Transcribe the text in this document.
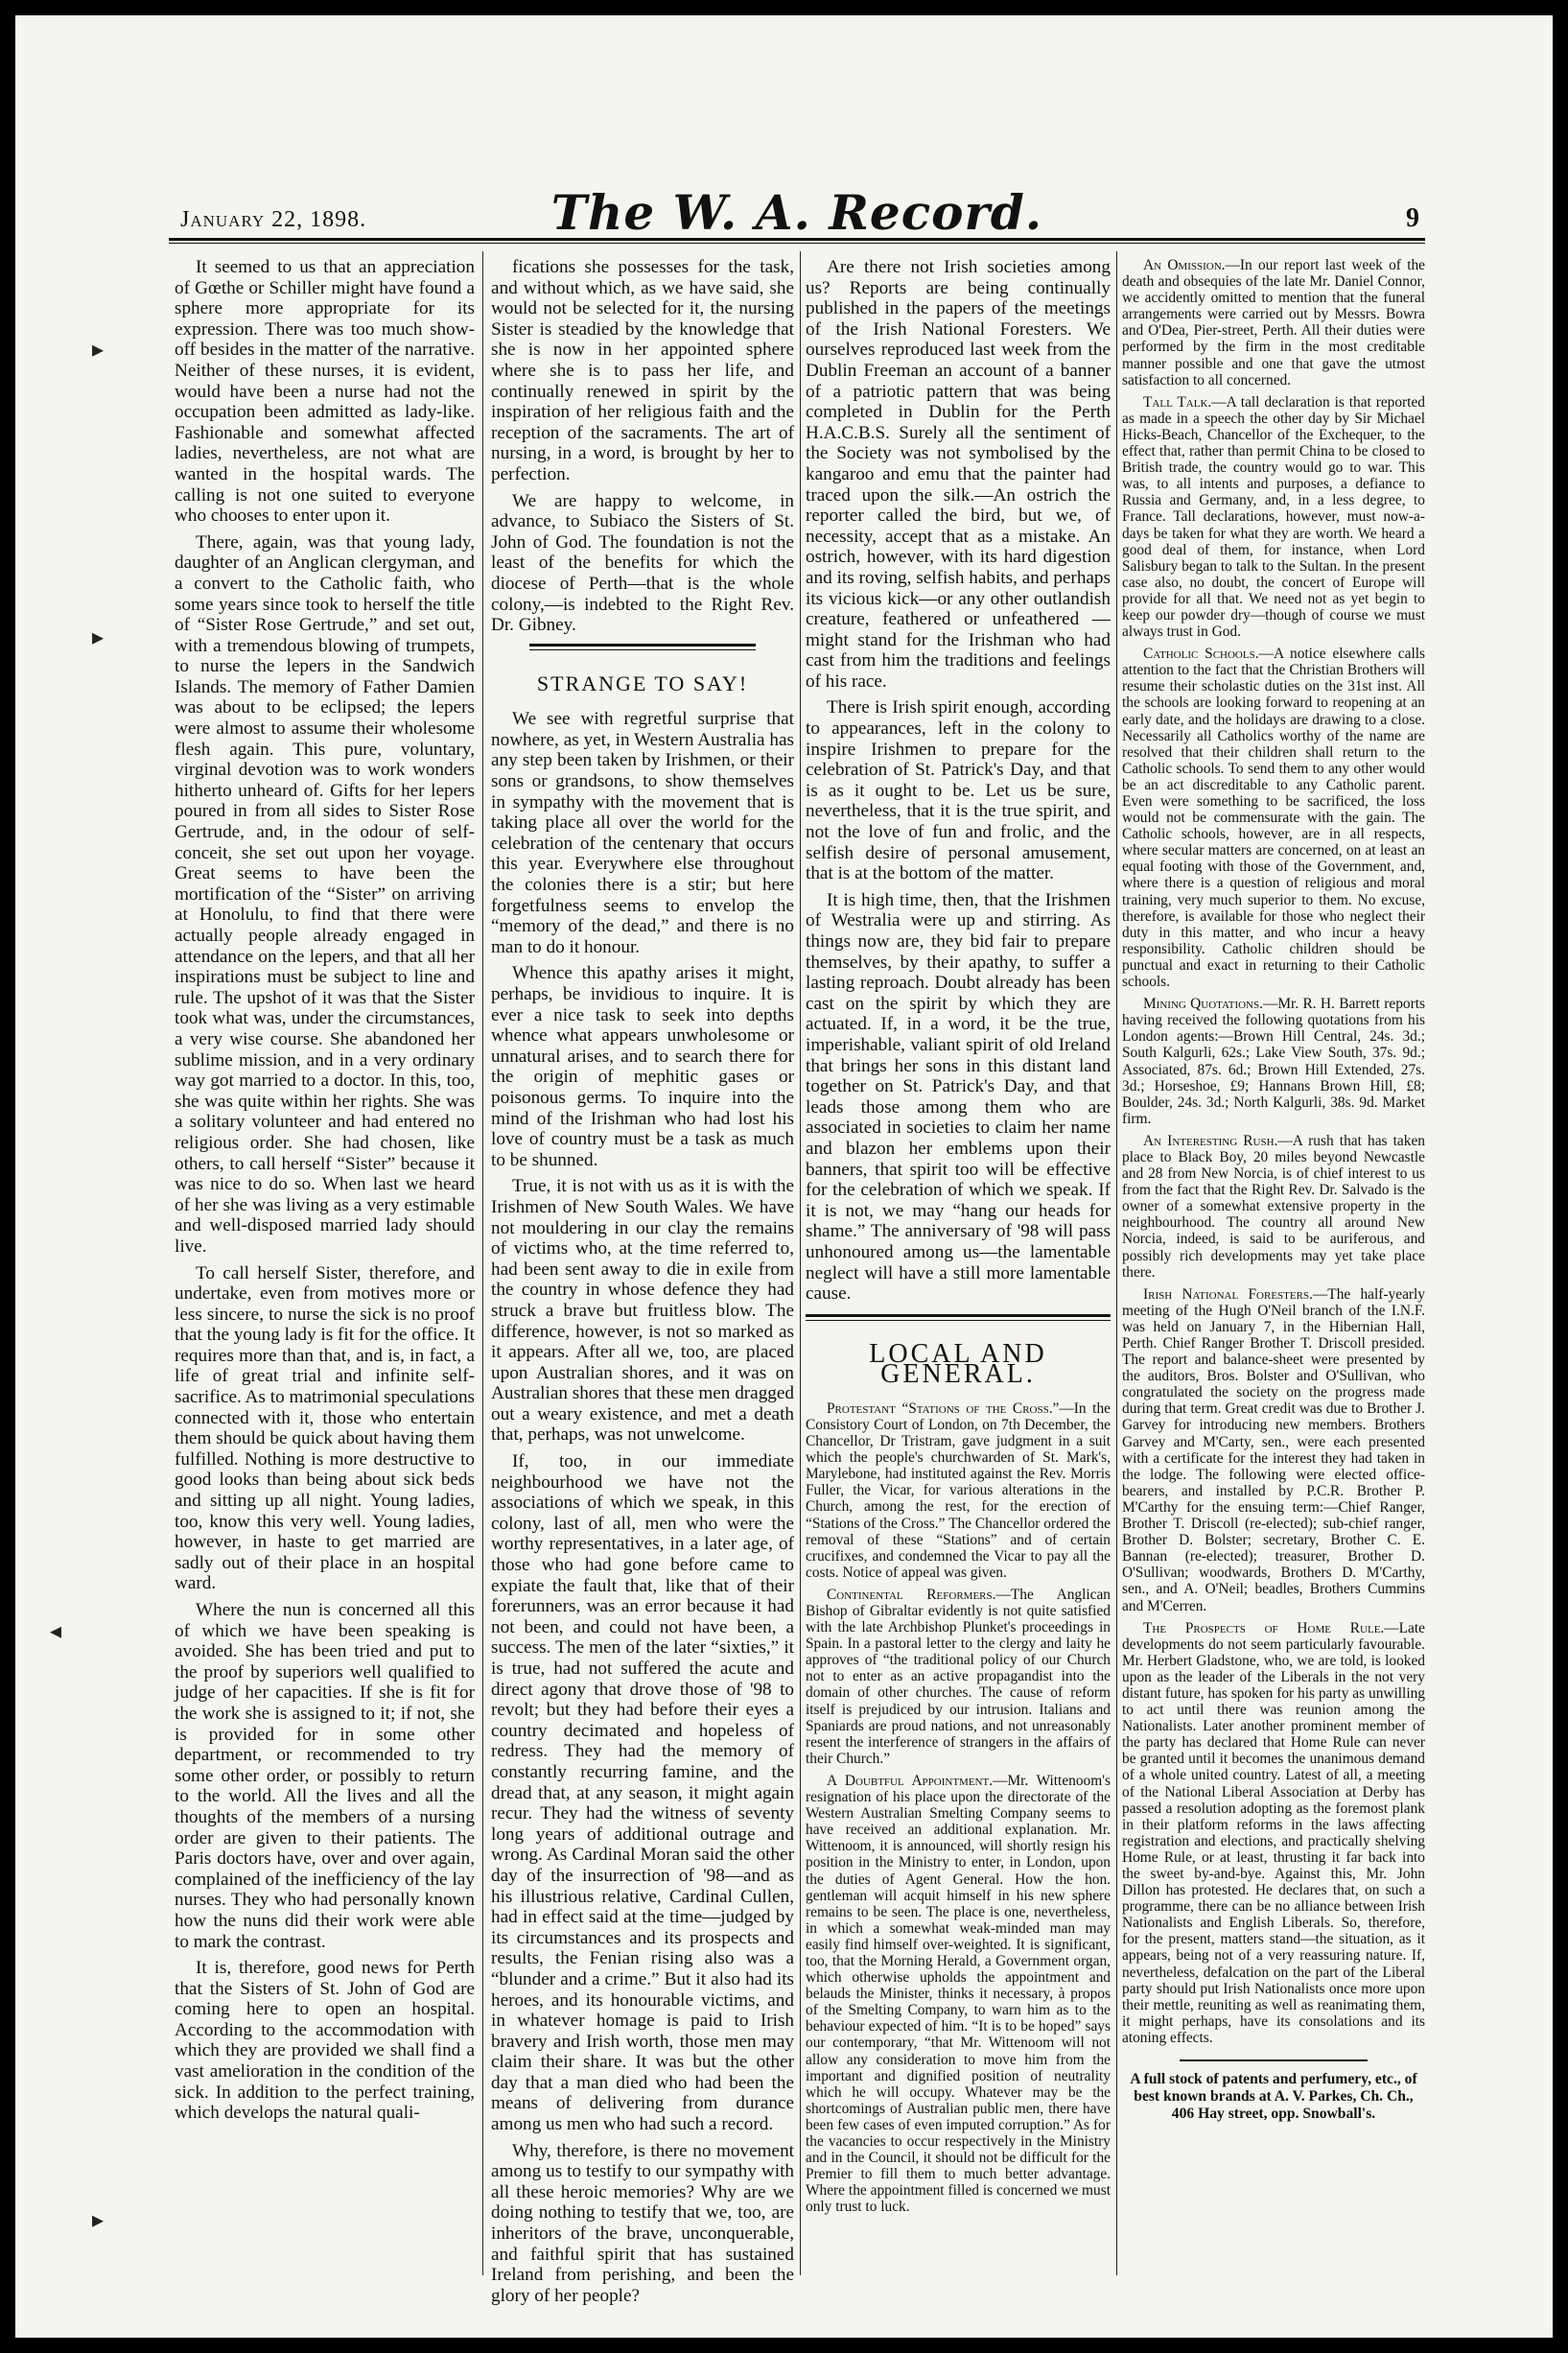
January 22, 1898.	The W. A. Record.	9

It seemed to us that an appreciation of Gœthe or Schiller might have found a sphere more appropriate for its expression. There was too much show-off besides in the matter of the narrative. Neither of these nurses, it is evident, would have been a nurse had not the occupation been admitted as lady-like. Fashionable and somewhat affected ladies, nevertheless, are not what are wanted in the hospital wards. The calling is not one suited to everyone who chooses to enter upon it.

There, again, was that young lady, daughter of an Anglican clergyman, and a convert to the Catholic faith, who some years since took to herself the title of “Sister Rose Gertrude,” and set out, with a tremendous blowing of trumpets, to nurse the lepers in the Sandwich Islands. The memory of Father Damien was about to be eclipsed; the lepers were almost to assume their wholesome flesh again. This pure, voluntary, virginal devotion was to work wonders hitherto unheard of. Gifts for her lepers poured in from all sides to Sister Rose Gertrude, and, in the odour of self-conceit, she set out upon her voyage. Great seems to have been the mortification of the “Sister” on arriving at Honolulu, to find that there were actually people already engaged in attendance on the lepers, and that all her inspirations must be subject to line and rule. The upshot of it was that the Sister took what was, under the circumstances, a very wise course. She abandoned her sublime mission, and in a very ordinary way got married to a doctor. In this, too, she was quite within her rights. She was a solitary volunteer and had entered no religious order. She had chosen, like others, to call herself “Sister” because it was nice to do so. When last we heard of her she was living as a very estimable and well-disposed married lady should live.

To call herself Sister, therefore, and undertake, even from motives more or less sincere, to nurse the sick is no proof that the young lady is fit for the office. It requires more than that, and is, in fact, a life of great trial and infinite self-sacrifice. As to matrimonial speculations connected with it, those who entertain them should be quick about having them fulfilled. Nothing is more destructive to good looks than being about sick beds and sitting up all night. Young ladies, too, know this very well. Young ladies, however, in haste to get married are sadly out of their place in an hospital ward.

Where the nun is concerned all this of which we have been speaking is avoided. She has been tried and put to the proof by superiors well qualified to judge of her capacities. If she is fit for the work she is assigned to it; if not, she is provided for in some other department, or recommended to try some other order, or possibly to return to the world. All the lives and all the thoughts of the members of a nursing order are given to their patients. The Paris doctors have, over and over again, complained of the inefficiency of the lay nurses. They who had personally known how the nuns did their work were able to mark the contrast.

It is, therefore, good news for Perth that the Sisters of St. John of God are coming here to open an hospital. According to the accommodation with which they are provided we shall find a vast amelioration in the condition of the sick. In addition to the perfect training, which develops the natural quali-

fications she possesses for the task, and without which, as we have said, she would not be selected for it, the nursing Sister is steadied by the knowledge that she is now in her appointed sphere where she is to pass her life, and continually renewed in spirit by the inspiration of her religious faith and the reception of the sacraments. The art of nursing, in a word, is brought by her to perfection.

We are happy to welcome, in advance, to Subiaco the Sisters of St. John of God. The foundation is not the least of the benefits for which the diocese of Perth—that is the whole colony,—is indebted to the Right Rev. Dr. Gibney.

STRANGE TO SAY!

We see with regretful surprise that nowhere, as yet, in Western Australia has any step been taken by Irishmen, or their sons or grandsons, to show themselves in sympathy with the movement that is taking place all over the world for the celebration of the centenary that occurs this year. Everywhere else throughout the colonies there is a stir; but here forgetfulness seems to envelop the “memory of the dead,” and there is no man to do it honour.

Whence this apathy arises it might, perhaps, be invidious to inquire. It is ever a nice task to seek into depths whence what appears unwholesome or unnatural arises, and to search there for the origin of mephitic gases or poisonous germs. To inquire into the mind of the Irishman who had lost his love of country must be a task as much to be shunned.

True, it is not with us as it is with the Irishmen of New South Wales. We have not mouldering in our clay the remains of victims who, at the time referred to, had been sent away to die in exile from the country in whose defence they had struck a brave but fruitless blow. The difference, however, is not so marked as it appears. After all we, too, are placed upon Australian shores, and it was on Australian shores that these men dragged out a weary existence, and met a death that, perhaps, was not unwelcome.

If, too, in our immediate neighbourhood we have not the associations of which we speak, in this colony, last of all, men who were the worthy representatives, in a later age, of those who had gone before came to expiate the fault that, like that of their forerunners, was an error because it had not been, and could not have been, a success. The men of the later “sixties,” it is true, had not suffered the acute and direct agony that drove those of '98 to revolt; but they had before their eyes a country decimated and hopeless of redress. They had the memory of constantly recurring famine, and the dread that, at any season, it might again recur. They had the witness of seventy long years of additional outrage and wrong. As Cardinal Moran said the other day of the insurrection of '98—and as his illustrious relative, Cardinal Cullen, had in effect said at the time—judged by its circumstances and its prospects and results, the Fenian rising also was a “blunder and a crime.” But it also had its heroes, and its honourable victims, and in whatever homage is paid to Irish bravery and Irish worth, those men may claim their share. It was but the other day that a man died who had been the means of delivering from durance among us men who had such a record.

Why, therefore, is there no movement among us to testify to our sympathy with all these heroic memories? Why are we doing nothing to testify that we, too, are inheritors of the brave, unconquerable, and faithful spirit that has sustained Ireland from perishing, and been the glory of her people?

Are there not Irish societies among us? Reports are being continually published in the papers of the meetings of the Irish National Foresters. We ourselves reproduced last week from the Dublin Freeman an account of a banner of a patriotic pattern that was being completed in Dublin for the Perth H.A.C.B.S. Surely all the sentiment of the Society was not symbolised by the kangaroo and emu that the painter had traced upon the silk.—An ostrich the reporter called the bird, but we, of necessity, accept that as a mistake. An ostrich, however, with its hard digestion and its roving, selfish habits, and perhaps its vicious kick—or any other outlandish creature, feathered or unfeathered — might stand for the Irishman who had cast from him the traditions and feelings of his race.

There is Irish spirit enough, according to appearances, left in the colony to inspire Irishmen to prepare for the celebration of St. Patrick's Day, and that is as it ought to be. Let us be sure, nevertheless, that it is the true spirit, and not the love of fun and frolic, and the selfish desire of personal amusement, that is at the bottom of the matter.

It is high time, then, that the Irishmen of Westralia were up and stirring. As things now are, they bid fair to prepare themselves, by their apathy, to suffer a lasting reproach. Doubt already has been cast on the spirit by which they are actuated. If, in a word, it be the true, imperishable, valiant spirit of old Ireland that brings her sons in this distant land together on St. Patrick's Day, and that leads those among them who are associated in societies to claim her name and blazon her emblems upon their banners, that spirit too will be effective for the celebration of which we speak. If it is not, we may “hang our heads for shame.” The anniversary of '98 will pass unhonoured among us—the lamentable neglect will have a still more lamentable cause.

LOCAL AND GENERAL.

Protestant “Stations of the Cross.”—In the Consistory Court of London, on 7th December, the Chancellor, Dr Tristram, gave judgment in a suit which the people's churchwarden of St. Mark's, Marylebone, had instituted against the Rev. Morris Fuller, the Vicar, for various alterations in the Church, among the rest, for the erection of “Stations of the Cross.” The Chancellor ordered the removal of these “Stations” and of certain crucifixes, and condemned the Vicar to pay all the costs. Notice of appeal was given.

Continental Reformers.—The Anglican Bishop of Gibraltar evidently is not quite satisfied with the late Archbishop Plunket's proceedings in Spain. In a pastoral letter to the clergy and laity he approves of “the traditional policy of our Church not to enter as an active propagandist into the domain of other churches. The cause of reform itself is prejudiced by our intrusion. Italians and Spaniards are proud nations, and not unreasonably resent the interference of strangers in the affairs of their Church.”

A Doubtful Appointment.—Mr. Wittenoom's resignation of his place upon the directorate of the Western Australian Smelting Company seems to have received an additional explanation. Mr. Wittenoom, it is announced, will shortly resign his position in the Ministry to enter, in London, upon the duties of Agent General. How the hon. gentleman will acquit himself in his new sphere remains to be seen. The place is one, nevertheless, in which a somewhat weak-minded man may easily find himself over-weighted. It is significant, too, that the Morning Herald, a Government organ, which otherwise upholds the appointment and belauds the Minister, thinks it necessary, à propos of the Smelting Company, to warn him as to the behaviour expected of him. “It is to be hoped” says our contemporary, “that Mr. Wittenoom will not allow any consideration to move him from the important and dignified position of neutrality which he will occupy. Whatever may be the shortcomings of Australian public men, there have been few cases of even imputed corruption.” As for the vacancies to occur respectively in the Ministry and in the Council, it should not be difficult for the Premier to fill them to much better advantage. Where the appointment filled is concerned we must only trust to luck.

An Omission.—In our report last week of the death and obsequies of the late Mr. Daniel Connor, we accidently omitted to mention that the funeral arrangements were carried out by Messrs. Bowra and O'Dea, Pier-street, Perth. All their duties were performed by the firm in the most creditable manner possible and one that gave the utmost satisfaction to all concerned.

Tall Talk.—A tall declaration is that reported as made in a speech the other day by Sir Michael Hicks-Beach, Chancellor of the Exchequer, to the effect that, rather than permit China to be closed to British trade, the country would go to war. This was, to all intents and purposes, a defiance to Russia and Germany, and, in a less degree, to France. Tall declarations, however, must now-a-days be taken for what they are worth. We heard a good deal of them, for instance, when Lord Salisbury began to talk to the Sultan. In the present case also, no doubt, the concert of Europe will provide for all that. We need not as yet begin to keep our powder dry—though of course we must always trust in God.

Catholic Schools.—A notice elsewhere calls attention to the fact that the Christian Brothers will resume their scholastic duties on the 31st inst. All the schools are looking forward to reopening at an early date, and the holidays are drawing to a close. Necessarily all Catholics worthy of the name are resolved that their children shall return to the Catholic schools. To send them to any other would be an act discreditable to any Catholic parent. Even were something to be sacrificed, the loss would not be commensurate with the gain. The Catholic schools, however, are in all respects, where secular matters are concerned, on at least an equal footing with those of the Government, and, where there is a question of religious and moral training, very much superior to them. No excuse, therefore, is available for those who neglect their duty in this matter, and who incur a heavy responsibility. Catholic children should be punctual and exact in returning to their Catholic schools.

Mining Quotations.—Mr. R. H. Barrett reports having received the following quotations from his London agents:—Brown Hill Central, 24s. 3d.; South Kalgurli, 62s.; Lake View South, 37s. 9d.; Associated, 87s. 6d.; Brown Hill Extended, 27s. 3d.; Horseshoe, £9; Hannans Brown Hill, £8; Boulder, 24s. 3d.; North Kalgurli, 38s. 9d. Market firm.

An Interesting Rush.—A rush that has taken place to Black Boy, 20 miles beyond Newcastle and 28 from New Norcia, is of chief interest to us from the fact that the Right Rev. Dr. Salvado is the owner of a somewhat extensive property in the neighbourhood. The country all around New Norcia, indeed, is said to be auriferous, and possibly rich developments may yet take place there.

Irish National Foresters.—The half-yearly meeting of the Hugh O'Neil branch of the I.N.F. was held on January 7, in the Hibernian Hall, Perth. Chief Ranger Brother T. Driscoll presided. The report and balance-sheet were presented by the auditors, Bros. Bolster and O'Sullivan, who congratulated the society on the progress made during that term. Great credit was due to Brother J. Garvey for introducing new members. Brothers Garvey and M'Carty, sen., were each presented with a certificate for the interest they had taken in the lodge. The following were elected office-bearers, and installed by P.C.R. Brother P. M'Carthy for the ensuing term:—Chief Ranger, Brother T. Driscoll (re-elected); sub-chief ranger, Brother D. Bolster; secretary, Brother C. E. Bannan (re-elected); treasurer, Brother D. O'Sullivan; woodwards, Brothers D. M'Carthy, sen., and A. O'Neil; beadles, Brothers Cummins and M'Cerren.

The Prospects of Home Rule.—Late developments do not seem particularly favourable. Mr. Herbert Gladstone, who, we are told, is looked upon as the leader of the Liberals in the not very distant future, has spoken for his party as unwilling to act until there was reunion among the Nationalists. Later another prominent member of the party has declared that Home Rule can never be granted until it becomes the unanimous demand of a whole united country. Latest of all, a meeting of the National Liberal Association at Derby has passed a resolution adopting as the foremost plank in their platform reforms in the laws affecting registration and elections, and practically shelving Home Rule, or at least, thrusting it far back into the sweet by-and-bye. Against this, Mr. John Dillon has protested. He declares that, on such a programme, there can be no alliance between Irish Nationalists and English Liberals. So, therefore, for the present, matters stand—the situation, as it appears, being not of a very reassuring nature. If, nevertheless, defalcation on the part of the Liberal party should put Irish Nationalists once more upon their mettle, reuniting as well as reanimating them, it might perhaps, have its consolations and its atoning effects.

A full stock of patents and perfumery, etc., of best known brands at A. V. Parkes, Ch. Ch., 406 Hay street, opp. Snowball's.
▸
▸
◂
▸
